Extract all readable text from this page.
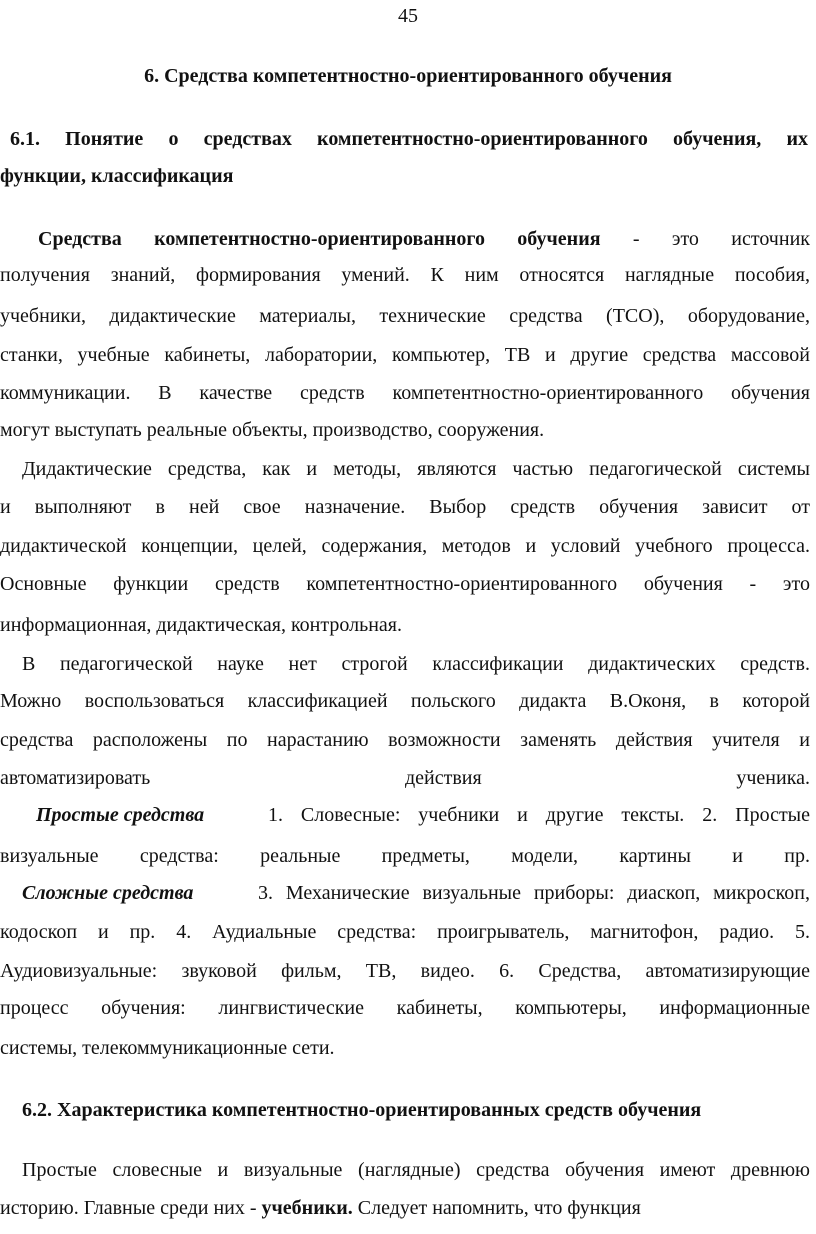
45
6. Средства компетентностно-ориентированного обучения
6.1. Понятие о средствах компетентностно-ориентированного обучения, их
функции, классификация
Средства компетентностно-ориентированного обучения - это источник
получения знаний, формирования умений. К ним относятся наглядные пособия,
учебники, дидактические материалы, технические средства (ТСО), оборудование,
станки, учебные кабинеты, лаборатории, компьютер, ТВ и другие средства массовой
коммуникации. В качестве средств компетентностно-ориентированного обучения
могут выступать реальные объекты, производство, сооружения.
Дидактические средства, как и методы, являются частью педагогической системы
и выполняют в ней свое назначение. Выбор средств обучения зависит от
дидактической концепции, целей, содержания, методов и условий учебного процесса.
Основные функции средств компетентностно-ориентированного обучения - это
информационная, дидактическая, контрольная.
В педагогической науке нет строгой классификации дидактических средств.
Можно воспользоваться классификацией польского дидакта В.Оконя, в которой
средства расположены по нарастанию возможности заменять действия учителя и
автоматизировать действия ученика.
Простые средства	1. Словесные: учебники и другие тексты. 2. Простые
визуальные средства: реальные предметы, модели, картины и пр.
Сложные средства	3. Механические визуальные приборы: диаскоп, микроскоп,
кодоскоп и пр. 4. Аудиальные средства: проигрыватель, магнитофон, радио. 5.
Аудиовизуальные: звуковой фильм, ТВ, видео. 6. Средства, автоматизирующие
процесс обучения: лингвистические кабинеты, компьютеры, информационные
системы, телекоммуникационные сети.
6.2. Характеристика компетентностно-ориентированных средств обучения
Простые словесные и визуальные (наглядные) средства обучения имеют древнюю
историю. Главные среди них - учебники. Следует напомнить, что функция
